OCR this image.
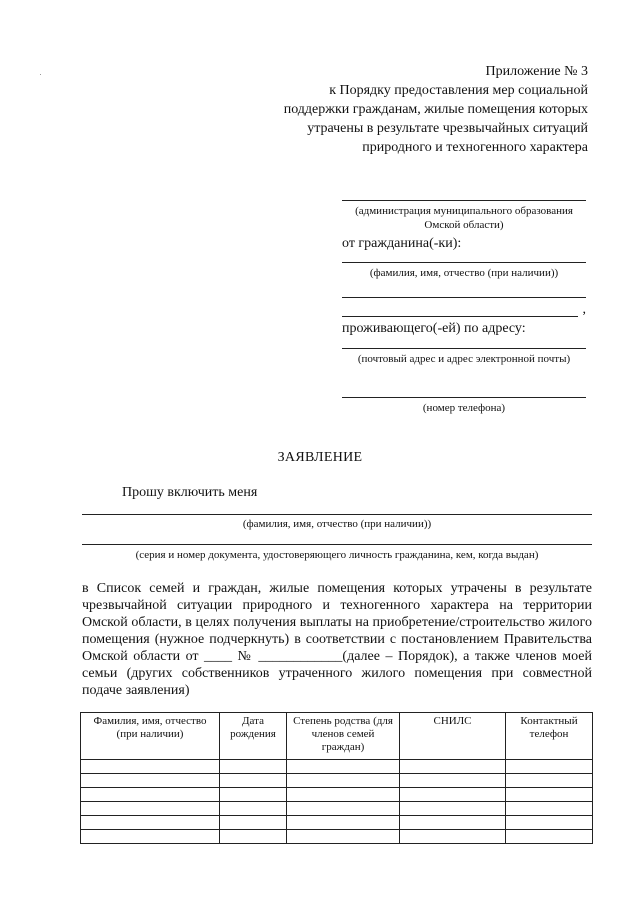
Приложение № 3
к Порядку предоставления мер социальной
поддержки гражданам, жилые помещения которых
утрачены в результате чрезвычайных ситуаций
природного и техногенного характера
(администрация муниципального образования Омской области)
от гражданина(-ки):
(фамилия, имя, отчество (при наличии))
,
проживающего(-ей) по адресу:
(почтовый адрес и адрес электронной почты)
(номер телефона)
ЗАЯВЛЕНИЕ
Прошу включить меня
(фамилия, имя, отчество (при наличии))
(серия и номер документа, удостоверяющего личность гражданина, кем, когда выдан)
в Список семей и граждан, жилые помещения которых утрачены в результате чрезвычайной ситуации природного и техногенного характера на территории Омской области, в целях получения выплаты на приобретение/строительство жилого помещения (нужное подчеркнуть) в соответствии с постановлением Правительства Омской области от ____ № ____________(далее – Порядок), а также членов моей семьи (других собственников утраченного жилого помещения при совместной подаче заявления)
Фамилия, имя, отчество (при наличии)	Дата рождения	Степень родства (для членов семей граждан)	СНИЛС	Контактный телефон
